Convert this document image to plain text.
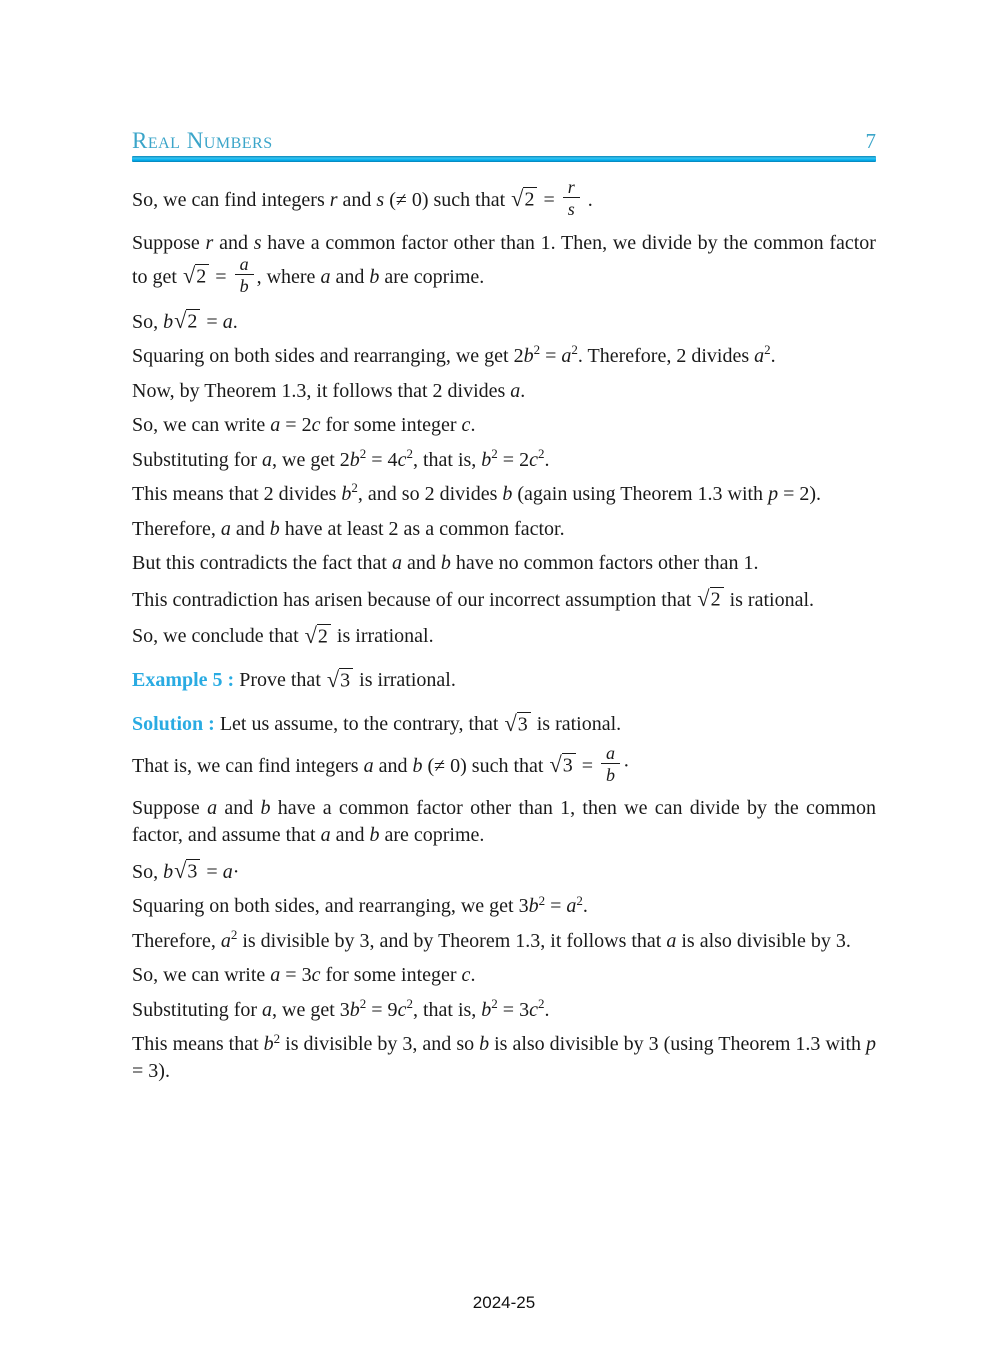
Real Numbers	7

So, we can find integers r and s (≠ 0) such that $√2 = \frac{r}{s}$ .

Suppose r and s have a common factor other than 1. Then, we divide by the common factor to get $√2 = \frac{a}{b}$ , where a and b are coprime.

So, b√2 = a.

Squaring on both sides and rearranging, we get $2b^2 = a^2$. Therefore, 2 divides $a^2$.

Now, by Theorem 1.3, it follows that 2 divides a.

So, we can write a = 2c for some integer c.

Substituting for a, we get $2b^2 = 4c^2$, that is, $b^2 = 2c^2$.

This means that 2 divides $b^2$, and so 2 divides b (again using Theorem 1.3 with p = 2).

Therefore, a and b have at least 2 as a common factor.

But this contradicts the fact that a and b have no common factors other than 1.

This contradiction has arisen because of our incorrect assumption that √2 is rational.

So, we conclude that √2 is irrational.

Example 5 : Prove that √3 is irrational.

Solution : Let us assume, to the contrary, that √3 is rational.

That is, we can find integers a and b (≠ 0) such that $√3 = \frac{a}{b}$ ·

Suppose a and b have a common factor other than 1, then we can divide by the common factor, and assume that a and b are coprime.

So, b√3 = a·

Squaring on both sides, and rearranging, we get $3b^2 = a^2$.

Therefore, $a^2$ is divisible by 3, and by Theorem 1.3, it follows that a is also divisible by 3.

So, we can write a = 3c for some integer c.

Substituting for a, we get $3b^2 = 9c^2$, that is, $b^2 = 3c^2$.

This means that $b^2$ is divisible by 3, and so b is also divisible by 3 (using Theorem 1.3 with p = 3).

2024-25
